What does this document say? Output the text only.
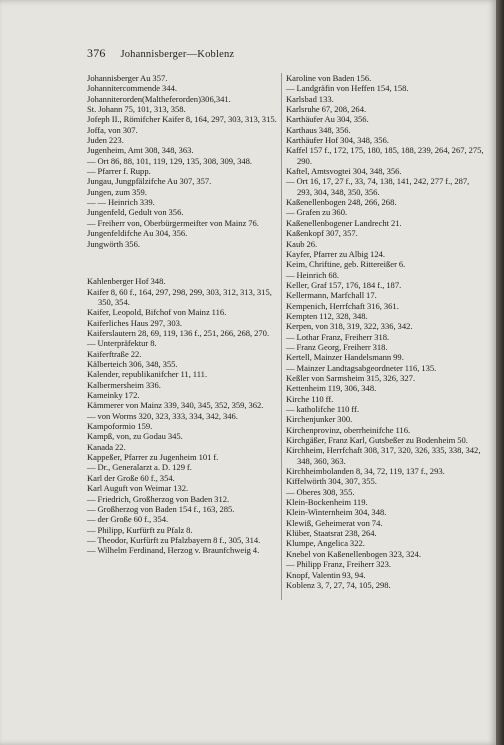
376 Johannisberger—Koblenz

Johannisberger Au 357.

Johannitercommende 344.

Johanniterorden(Maltheferorden)306,341.

St. Johann 75, 101, 313, 358.

Jofeph II., Römifcher Kaifer 8, 164, 297, 303, 313, 315.

Joffa, von 307.

Juden 223.

Jugenheim, Amt 308, 348, 363.

— Ort 86, 88, 101, 119, 129, 135, 308, 309, 348.

— Pfarrer f. Rupp.

Jungau, Jungpfälzifche Au 307, 357.

Jungen, zum 359.

— — Heinrich 339.

Jungenfeld, Gedult von 356.

— Freiherr von, Oberbürgermeifter von Mainz 76.

Jungenfeldifche Au 304, 356.

Jungwörth 356.

Kahlenberger Hof 348.

Kaifer 8, 60 f., 164, 297, 298, 299, 303, 312, 313, 315, 350, 354.

Kaifer, Leopold, Bifchof von Mainz 116.

Kaiferliches Haus 297, 303.

Kaiferslautern 28, 69, 119, 136 f., 251, 266, 268, 270.

— Unterpräfektur 8.

Kaiferftraße 22.

Kälberteich 306, 348, 355.

Kalender, republikanifcher 11, 111.

Kalbermersheim 336.

Kameinky 172.

Kämmerer von Mainz 339, 340, 345, 352, 359, 362.

— von Worms 320, 323, 333, 334, 342, 346.

Kampoformio 159.

Kampß, von, zu Godau 345.

Kanada 22.

Kappeßer, Pfarrer zu Jugenheim 101 f.

— Dr., Generalarzt a. D. 129 f.

Karl der Große 60 f., 354.

Karl Auguft von Weimar 132.

— Friedrich, Großherzog von Baden 312.

— Großherzog von Baden 154 f., 163, 285.

— der Große 60 f., 354.

— Philipp, Kurfürft zu Pfalz 8.

— Theodor, Kurfürft zu Pfalzbayern 8 f., 305, 314.

— Wilhelm Ferdinand, Herzog v. Braunfchweig 4.

Karoline von Baden 156.

— Landgräfin von Heffen 154, 158.

Karlsbad 133.

Karlsruhe 67, 208, 264.

Karthäufer Au 304, 356.

Karthaus 348, 356.

Karthäufer Hof 304, 348, 356.

Kaffel 157 f., 172, 175, 180, 185, 188, 239, 264, 267, 275, 290.

Kaftel, Amtsvogtei 304, 348, 356.

— Ort 16, 17, 27 f., 33, 74, 138, 141, 242, 277 f., 287, 293, 304, 348, 350, 356.

Kaßenellenbogen 248, 266, 268.

— Grafen zu 360.

Kaßenellenbogener Landrecht 21.

Kaßenkopf 307, 357.

Kaub 26.

Kayfer, Pfarrer zu Albig 124.

Keim, Chriftine, geb. Rittereißer 6.

— Heinrich 68.

Keller, Graf 157, 176, 184 f., 187.

Kellermann, Marfchall 17.

Kempenich, Herrfchaft 316, 361.

Kempten 112, 328, 348.

Kerpen, von 318, 319, 322, 336, 342.

— Lothar Franz, Freiherr 318.

— Franz Georg, Freiherr 318.

Kertell, Mainzer Handelsmann 99.

— Mainzer Landtagsabgeordneter 116, 135.

Keßler von Sarmsheim 315, 326, 327.

Kettenheim 119, 306, 348.

Kirche 110 ff.

— katholifche 110 ff.

Kirchenjunker 300.

Kirchenprovinz, oberrheinifche 116.

Kirchgäßer, Franz Karl, Gutsbeßer zu Bodenheim 50.

Kirchheim, Herrfchaft 308, 317, 320, 326, 335, 338, 342, 348, 360, 363.

Kirchheimbolanden 8, 34, 72, 119, 137 f., 293.

Kiffelwörth 304, 307, 355.

— Oberes 308, 355.

Klein-Bockenheim 119.

Klein-Winternheim 304, 348.

Klewiß, Geheimerat von 74.

Klüber, Staatsrat 238, 264.

Klumpe, Angelica 322.

Knebel von Kaßenellenbogen 323, 324.

— Philipp Franz, Freiherr 323.

Knopf, Valentin 93, 94.

Koblenz 3, 7, 27, 74, 105, 298.
